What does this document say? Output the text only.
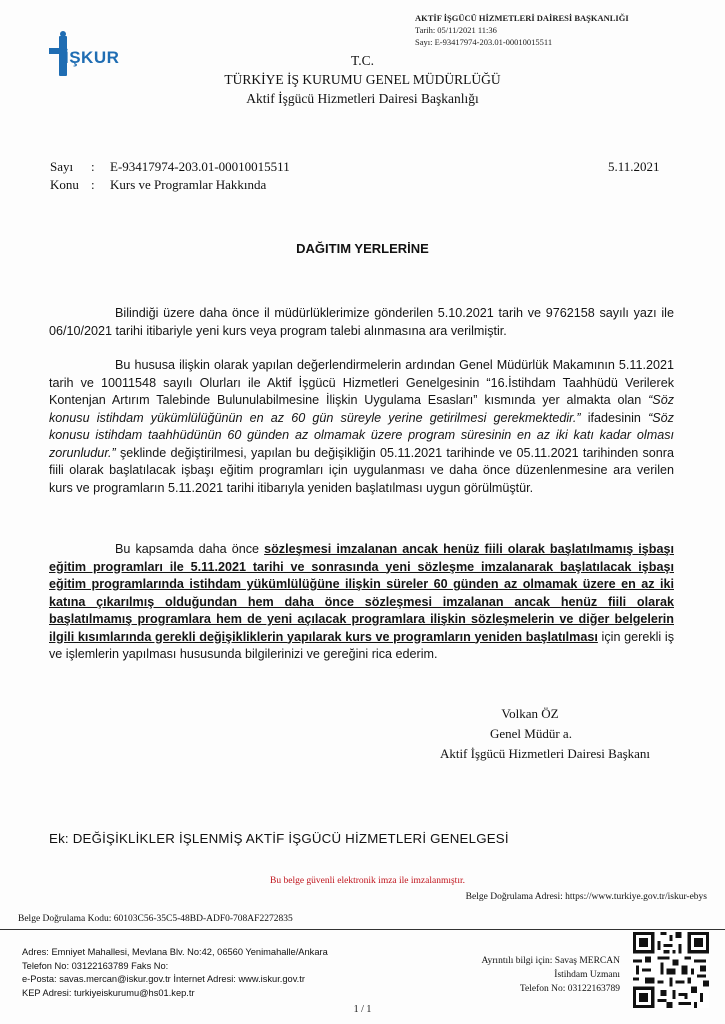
AKTİF İŞGÜCÜ HİZMETLERİ DAİRESİ BAŞKANLIĞI
Tarih: 05/11/2021 11:36
Sayı: E-93417974-203.01-00010015511
İŞKUR	T.C.
TÜRKİYE İŞ KURUMU GENEL MÜDÜRLÜĞÜ
Aktif İşgücü Hizmetleri Dairesi Başkanlığı
Sayı : E-93417974-203.01-00010015511	5.11.2021
Konu : Kurs ve Programlar Hakkında
DAĞITIM YERLERİNE
Bilindiği üzere daha önce il müdürlüklerimize gönderilen 5.10.2021 tarih ve 9762158 sayılı yazı ile 06/10/2021 tarihi itibariyle yeni kurs veya program talebi alınmasına ara verilmiştir.
Bu hususa ilişkin olarak yapılan değerlendirmelerin ardından Genel Müdürlük Makamının 5.11.2021 tarih ve 10011548 sayılı Olurları ile Aktif İşgücü Hizmetleri Genelgesinin “16.İstihdam Taahhüdü Verilerek Kontenjan Artırım Talebinde Bulunulabilmesine İlişkin Uygulama Esasları” kısmında yer almakta olan “Söz konusu istihdam yükümlülüğünün en az 60 gün süreyle yerine getirilmesi gerekmektedir.” ifadesinin “Söz konusu istihdam taahhüdünün 60 günden az olmamak üzere program süresinin en az iki katı kadar olması zorunludur.” şeklinde değiştirilmesi, yapılan bu değişikliğin 05.11.2021 tarihinde ve 05.11.2021 tarihinden sonra fiili olarak başlatılacak işbaşı eğitim programları için uygulanması ve daha önce düzenlenmesine ara verilen kurs ve programların 5.11.2021 tarihi itibarıyla yeniden başlatılması uygun görülmüştür.
Bu kapsamda daha önce sözleşmesi imzalanan ancak henüz fiili olarak başlatılmamış işbaşı eğitim programları ile 5.11.2021 tarihi ve sonrasında yeni sözleşme imzalanarak başlatılacak işbaşı eğitim programlarında istihdam yükümlülüğüne ilişkin süreler 60 günden az olmamak üzere en az iki katına çıkarılmış olduğundan hem daha önce sözleşmesi imzalanan ancak henüz fiili olarak başlatılmamış programlara hem de yeni açılacak programlara ilişkin sözleşmelerin ve diğer belgelerin ilgili kısımlarında gerekli değişikliklerin yapılarak kurs ve programların yeniden başlatılması için gerekli iş ve işlemlerin yapılması hususunda bilgilerinizi ve gereğini rica ederim.
Volkan ÖZ
Genel Müdür a.
Aktif İşgücü Hizmetleri Dairesi Başkanı
Ek: DEĞİŞİKLİKLER İŞLENMİŞ AKTİF İŞGÜCÜ HİZMETLERİ GENELGESİ
Bu belge güvenli elektronik imza ile imzalanmıştır.
Belge Doğrulama Adresi: https://www.turkiye.gov.tr/iskur-ebys
Belge Doğrulama Kodu: 60103C56-35C5-48BD-ADF0-708AF2272835
Adres: Emniyet Mahallesi, Mevlana Blv. No:42, 06560 Yenimahalle/Ankara
Telefon No: 03122163789 Faks No:
e-Posta: savas.mercan@iskur.gov.tr İnternet Adresi: www.iskur.gov.tr
KEP Adresi: turkiyeiskurumu@hs01.kep.tr
Ayrıntılı bilgi için: Savaş MERCAN
İstihdam Uzmanı
Telefon No: 03122163789
1 / 1
